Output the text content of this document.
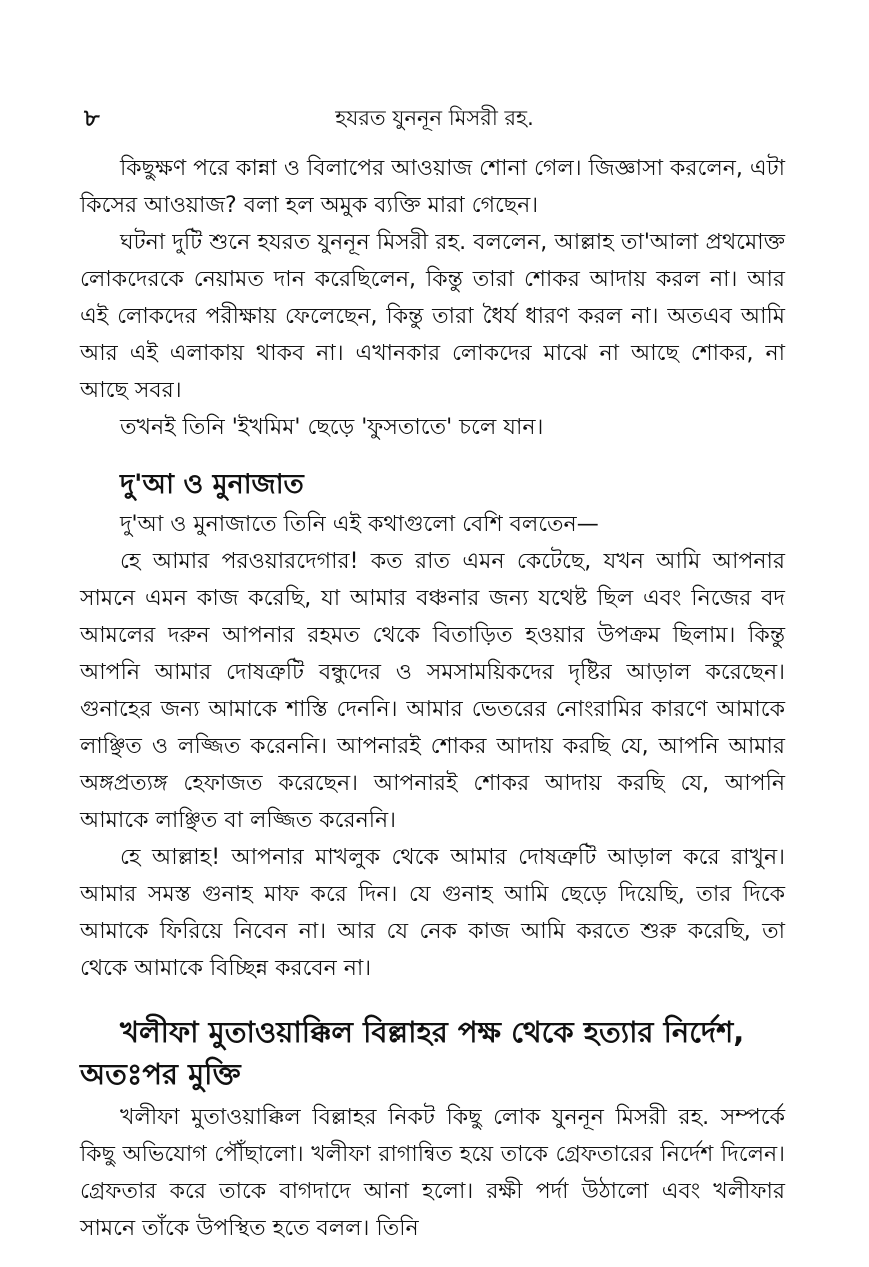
৮	হযরত যুননূন মিসরী রহ.

কিছুক্ষণ পরে কান্না ও বিলাপের আওয়াজ শোনা গেল। জিজ্ঞাসা করলেন, এটা কিসের আওয়াজ? বলা হল অমুক ব্যক্তি মারা গেছেন।

ঘটনা দুটি শুনে হযরত যুননূন মিসরী রহ. বললেন, আল্লাহ তা'আলা প্রথমোক্ত লোকদেরকে নেয়ামত দান করেছিলেন, কিন্তু তারা শোকর আদায় করল না। আর এই লোকদের পরীক্ষায় ফেলেছেন, কিন্তু তারা ধৈর্য ধারণ করল না। অতএব আমি আর এই এলাকায় থাকব না। এখানকার লোকদের মাঝে না আছে শোকর, না আছে সবর।

তখনই তিনি 'ইখমিম' ছেড়ে 'ফুসতাতে' চলে যান।

দু'আ ও মুনাজাত

দু'আ ও মুনাজাতে তিনি এই কথাগুলো বেশি বলতেন—

হে আমার পরওয়ারদেগার! কত রাত এমন কেটেছে, যখন আমি আপনার সামনে এমন কাজ করেছি, যা আমার বঞ্চনার জন্য যথেষ্ট ছিল এবং নিজের বদ আমলের দরুন আপনার রহমত থেকে বিতাড়িত হওয়ার উপক্রম ছিলাম। কিন্তু আপনি আমার দোষত্রুটি বন্ধুদের ও সমসাময়িকদের দৃষ্টির আড়াল করেছেন। গুনাহের জন্য আমাকে শাস্তি দেননি। আমার ভেতরের নোংরামির কারণে আমাকে লাঞ্ছিত ও লজ্জিত করেননি। আপনারই শোকর আদায় করছি যে, আপনি আমার অঙ্গপ্রত্যঙ্গ হেফাজত করেছেন। আপনারই শোকর আদায় করছি যে, আপনি আমাকে লাঞ্ছিত বা লজ্জিত করেননি।

হে আল্লাহ! আপনার মাখলুক থেকে আমার দোষত্রুটি আড়াল করে রাখুন। আমার সমস্ত গুনাহ মাফ করে দিন। যে গুনাহ আমি ছেড়ে দিয়েছি, তার দিকে আমাকে ফিরিয়ে নিবেন না। আর যে নেক কাজ আমি করতে শুরু করেছি, তা থেকে আমাকে বিচ্ছিন্ন করবেন না।

খলীফা মুতাওয়াক্কিল বিল্লাহর পক্ষ থেকে হত্যার নির্দেশ,
অতঃপর মুক্তি

খলীফা মুতাওয়াক্কিল বিল্লাহর নিকট কিছু লোক যুননূন মিসরী রহ. সম্পর্কে কিছু অভিযোগ পৌঁছালো। খলীফা রাগান্বিত হয়ে তাকে গ্রেফতারের নির্দেশ দিলেন। গ্রেফতার করে তাকে বাগদাদে আনা হলো। রক্ষী পর্দা উঠালো এবং খলীফার সামনে তাঁকে উপস্থিত হতে বলল। তিনি
